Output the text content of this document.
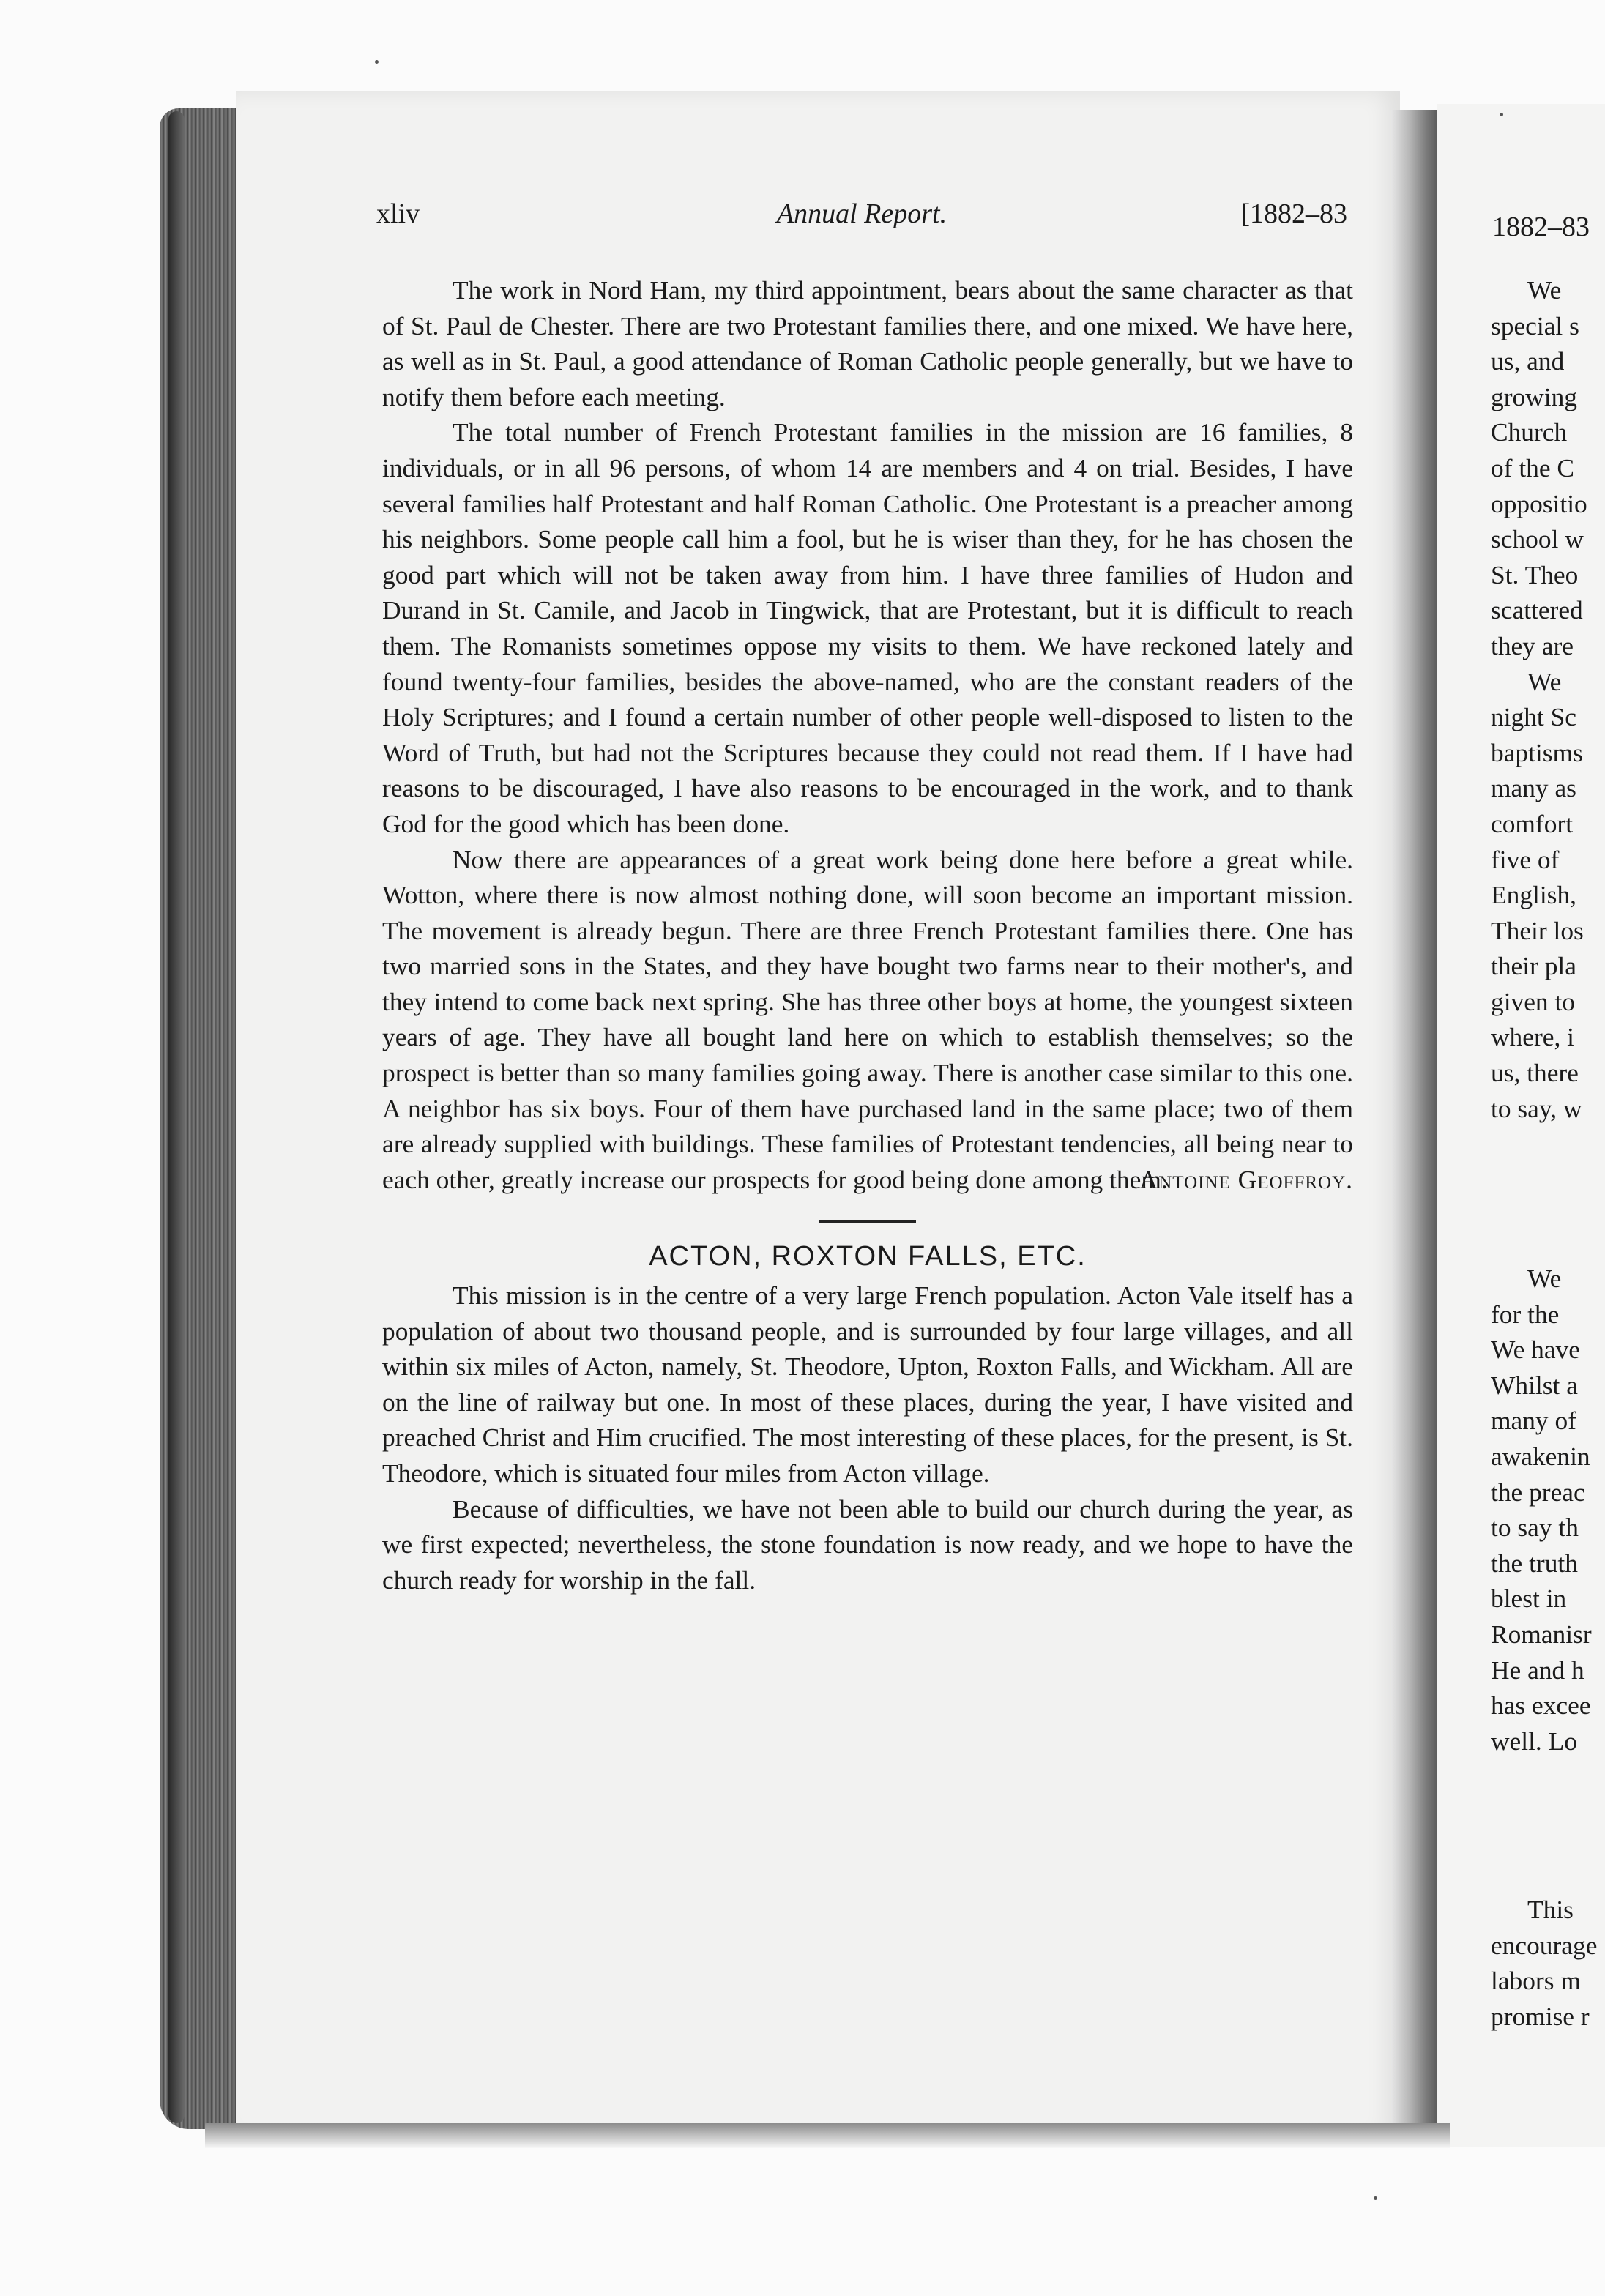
xliv	Annual Report.	[1882–83

The work in Nord Ham, my third appointment, bears about the same character as that of St. Paul de Chester. There are two Protestant families there, and one mixed. We have here, as well as in St. Paul, a good attendance of Roman Catholic people generally, but we have to notify them before each meeting.

The total number of French Protestant families in the mission are 16 families, 8 individuals, or in all 96 persons, of whom 14 are members and 4 on trial. Besides, I have several families half Protestant and half Roman Catholic. One Protestant is a preacher among his neighbors. Some people call him a fool, but he is wiser than they, for he has chosen the good part which will not be taken away from him. I have three families of Hudon and Durand in St. Camile, and Jacob in Tingwick, that are Protestant, but it is difficult to reach them. The Romanists sometimes oppose my visits to them. We have reckoned lately and found twenty-four families, besides the above-named, who are the constant readers of the Holy Scriptures; and I found a certain number of other people well-disposed to listen to the Word of Truth, but had not the Scriptures because they could not read them. If I have had reasons to be discouraged, I have also reasons to be encouraged in the work, and to thank God for the good which has been done.

Now there are appearances of a great work being done here before a great while. Wotton, where there is now almost nothing done, will soon become an important mission. The movement is already begun. There are three French Protestant families there. One has two married sons in the States, and they have bought two farms near to their mother's, and they intend to come back next spring. She has three other boys at home, the youngest sixteen years of age. They have all bought land here on which to establish themselves; so the prospect is better than so many families going away. There is another case similar to this one. A neighbor has six boys. Four of them have purchased land in the same place; two of them are already supplied with buildings. These families of Protestant tendencies, all being near to each other, greatly increase our prospects for good being done among them.

Antoine Geoffroy.
ACTON, ROXTON FALLS, ETC.

This mission is in the centre of a very large French population. Acton Vale itself has a population of about two thousand people, and is surrounded by four large villages, and all within six miles of Acton, namely, St. Theodore, Upton, Roxton Falls, and Wickham. All are on the line of railway but one. In most of these places, during the year, I have visited and preached Christ and Him crucified. The most interesting of these places, for the present, is St. Theodore, which is situated four miles from Acton village.

Because of difficulties, we have not been able to build our church during the year, as we first expected; nevertheless, the stone foundation is now ready, and we hope to have the church ready for worship in the fall.

1882–83
We
special s
us, and
growing
Church
of the C
oppositio
school w
St. Theo
scattered
they are
We
night Sc
baptisms
many as
comfort
five of
English,
Their los
their pla
given to
where, i
us, there
to say, w
We
for the
We have
Whilst a
many of
awakenin
the preac
to say th
the truth
blest in
Romanisr
He and h
has excee
well. Lo
This
encourage
labors m
promise r
